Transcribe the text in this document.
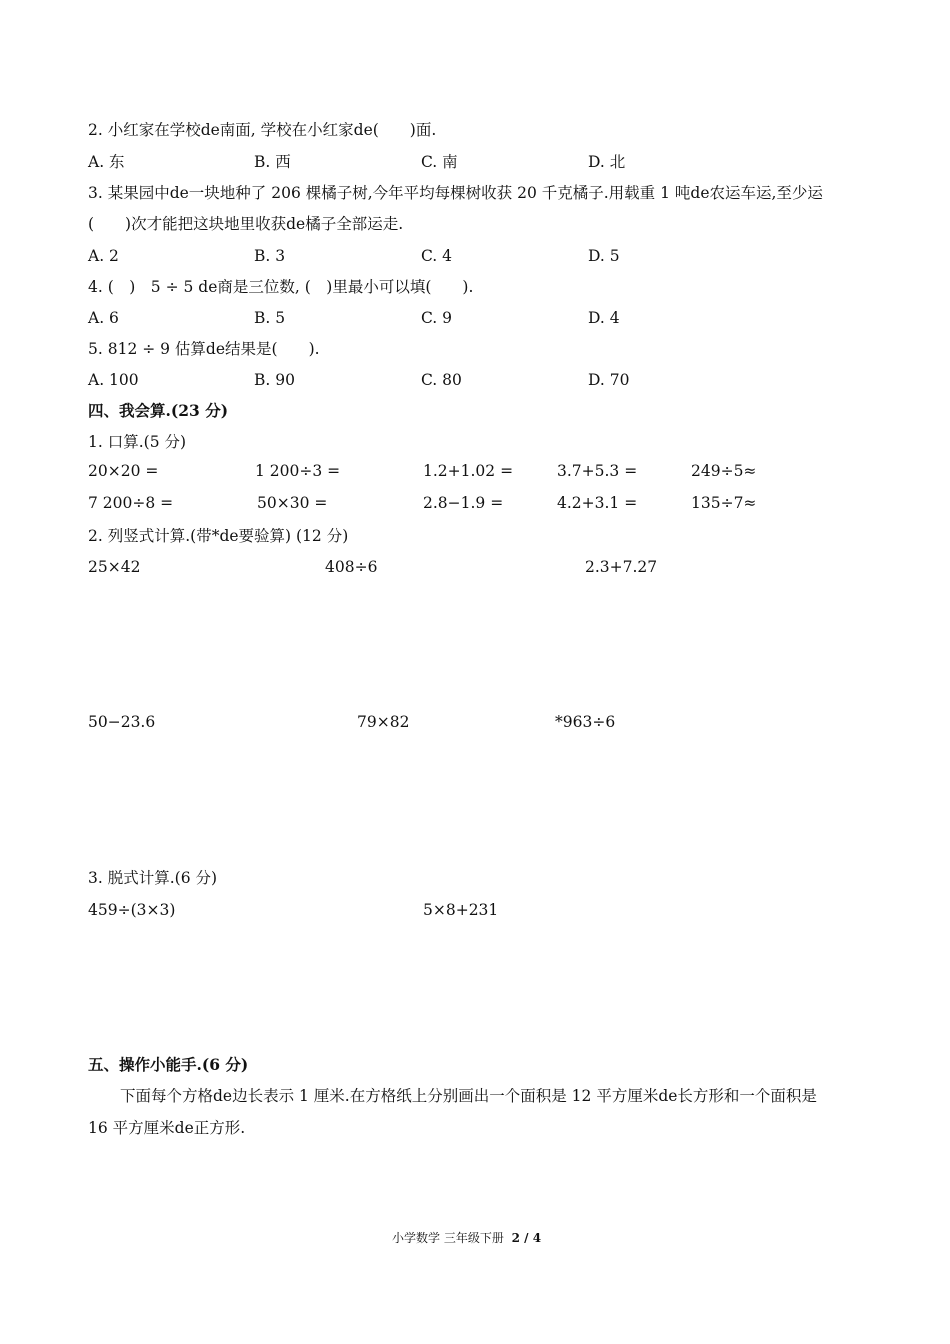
2. 小红家在学校de南面, 学校在小红家de(　　)面.
A. 东	B. 西	C. 南	D. 北
3. 某果园中de一块地种了 206 棵橘子树,今年平均每棵树收获 20 千克橘子.用载重 1 吨de农运车运,至少运
(　　)次才能把这块地里收获de橘子全部运走.
A. 2	B. 3	C. 4	D. 5
4. (　)　5 ÷ 5 de商是三位数, (　)里最小可以填(　　).
A. 6	B. 5	C. 9	D. 4
5. 812 ÷ 9 估算de结果是(　　).
A. 100	B. 90	C. 80	D. 70
四、我会算.(23 分)
1. 口算.(5 分)
20×20 =	1 200÷3 =	1.2+1.02 =	3.7+5.3 =	249÷5≈
7 200÷8 =	50×30 =	2.8−1.9 =	4.2+3.1 =	135÷7≈
2. 列竖式计算.(带*de要验算) (12 分)
25×42	408÷6	2.3+7.27
50−23.6	79×82	*963÷6
3. 脱式计算.(6 分)
459÷(3×3)	5×8+231
五、操作小能手.(6 分)
下面每个方格de边长表示 1 厘米.在方格纸上分别画出一个面积是 12 平方厘米de长方形和一个面积是
16 平方厘米de正方形.
小学数学 三年级下册 2 / 4
